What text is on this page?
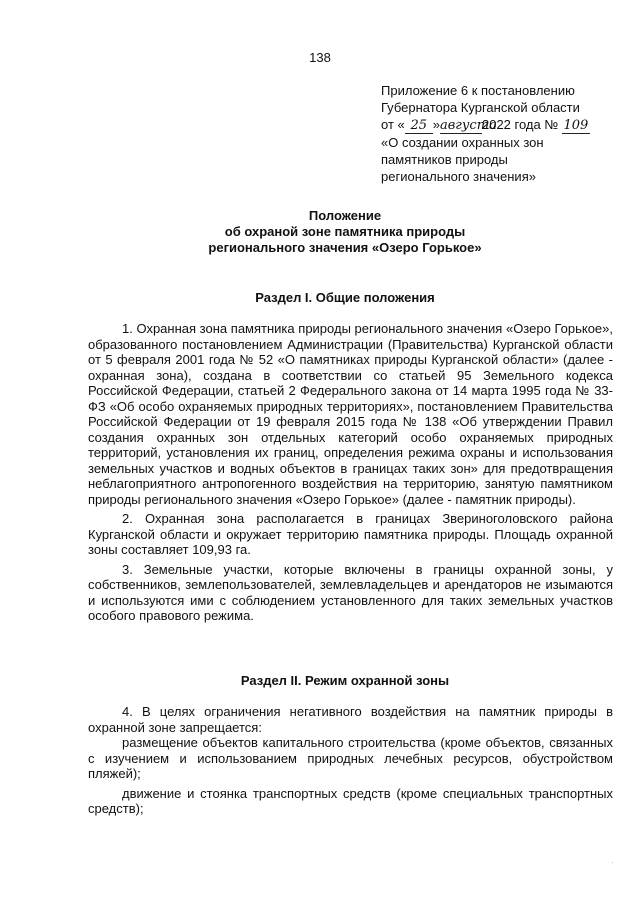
138
Приложение 6 к постановлению
Губернатора Курганской области
от « 25 »августа2022 года № 109
«О создании охранных зон
памятников природы
регионального значения»
Положение
об охраной зоне памятника природы
регионального значения «Озеро Горькое»
Раздел I. Общие положения

1. Охранная зона памятника природы регионального значения «Озеро Горькое», образованного постановлением Администрации (Правительства) Курганской области от 5 февраля 2001 года № 52 «О памятниках природы Курганской области» (далее - охранная зона), создана в соответствии со статьей 95 Земельного кодекса Российской Федерации, статьей 2 Федерального закона от 14 марта 1995 года № 33-ФЗ «Об особо охраняемых природных территориях», постановлением Правительства Российской Федерации от 19 февраля 2015 года № 138 «Об утверждении Правил создания охранных зон отдельных категорий особо охраняемых природных территорий, установления их границ, определения режима охраны и использования земельных участков и водных объектов в границах таких зон» для предотвращения неблагоприятного антропогенного воздействия на территорию, занятую памятником природы регионального значения «Озеро Горькое» (далее - памятник природы).

2. Охранная зона располагается в границах Звериноголовского района Курганской области и окружает территорию памятника природы. Площадь охранной зоны составляет 109,93 га.

3. Земельные участки, которые включены в границы охранной зоны, у собственников, землепользователей, землевладельцев и арендаторов не изымаются и используются ими с соблюдением установленного для таких земельных участков особого правового режима.

Раздел II. Режим охранной зоны

4. В целях ограничения негативного воздействия на памятник природы в охранной зоне запрещается:

размещение объектов капитального строительства (кроме объектов, связанных с изучением и использованием природных лечебных ресурсов, обустройством пляжей);

движение и стоянка транспортных средств (кроме специальных транспортных средств);
